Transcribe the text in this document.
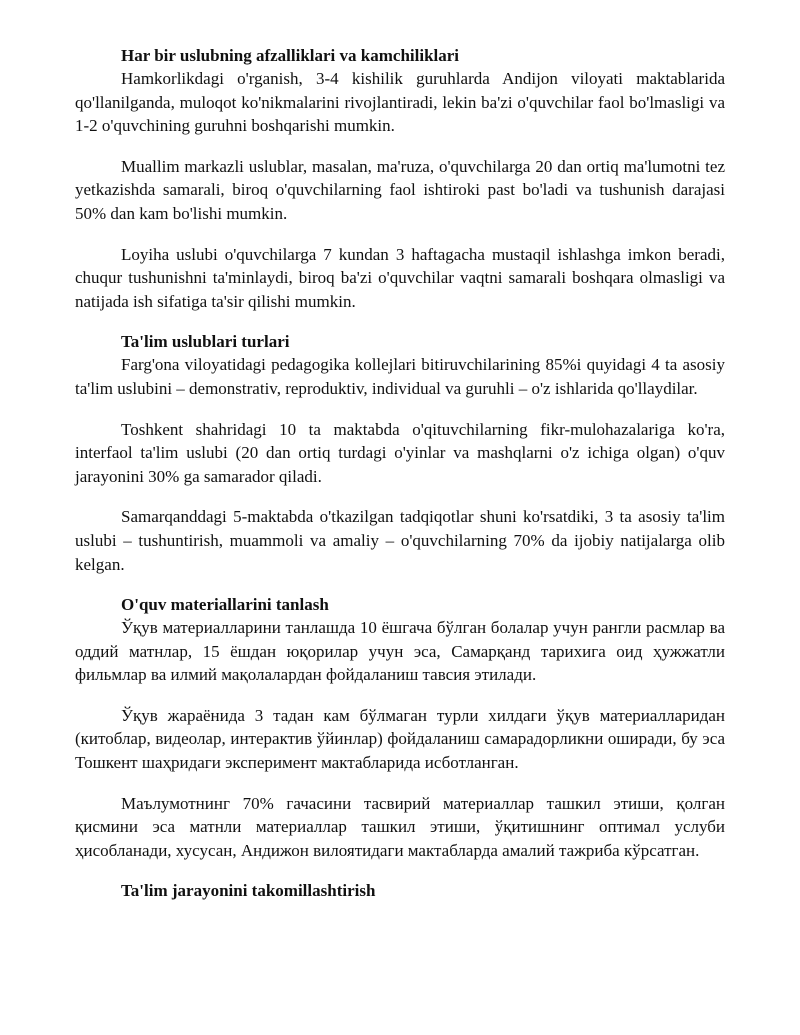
Har bir uslubning afzalliklari va kamchiliklari

Hamkorlikdagi o'rganish, 3-4 kishilik guruhlarda Andijon viloyati maktablarida qo'llanilganda, muloqot ko'nikmalarini rivojlantiradi, lekin ba'zi o'quvchilar faol bo'lmasligi va 1-2 o'quvchining guruhni boshqarishi mumkin.

Muallim markazli uslublar, masalan, ma'ruza, o'quvchilarga 20 dan ortiq ma'lumotni tez yetkazishda samarali, biroq o'quvchilarning faol ishtiroki past bo'ladi va tushunish darajasi 50% dan kam bo'lishi mumkin.

Loyiha uslubi o'quvchilarga 7 kundan 3 haftagacha mustaqil ishlashga imkon beradi, chuqur tushunishni ta'minlaydi, biroq ba'zi o'quvchilar vaqtni samarali boshqara olmasligi va natijada ish sifatiga ta'sir qilishi mumkin.

Ta'lim uslublari turlari

Farg'ona viloyatidagi pedagogika kollejlari bitiruvchilarining 85%i quyidagi 4 ta asosiy ta'lim uslubini – demonstrativ, reproduktiv, individual va guruhli – o'z ishlarida qo'llaydilar.

Toshkent shahridagi 10 ta maktabda o'qituvchilarning fikr-mulohazalariga ko'ra, interfaol ta'lim uslubi (20 dan ortiq turdagi o'yinlar va mashqlarni o'z ichiga olgan) o'quv jarayonini 30% ga samarador qiladi.

Samarqanddagi 5-maktabda o'tkazilgan tadqiqotlar shuni ko'rsatdiki, 3 ta asosiy ta'lim uslubi – tushuntirish, muammoli va amaliy – o'quvchilarning 70% da ijobiy natijalarga olib kelgan.

O'quv materiallarini tanlash

Ўқув материалларини танлашда 10 ёшгача бўлган болалар учун рангли расмлар ва оддий матнлар, 15 ёшдан юқорилар учун эса, Самарқанд тарихига оид ҳужжатли фильмлар ва илмий мақолалардан фойдаланиш тавсия этилади.

Ўқув жараёнида 3 тадан кам бўлмаган турли хилдаги ўқув материалларидан (китоблар, видеолар, интерактив ўйинлар) фойдаланиш самарадорликни оширади, бу эса Тошкент шаҳридаги эксперимент мактабларида исботланган.

Маълумотнинг 70% гачасини тасвирий материаллар ташкил этиши, қолган қисмини эса матнли материаллар ташкил этиши, ўқитишнинг оптимал услуби ҳисобланади, хусусан, Андижон вилоятидаги мактабларда амалий тажриба кўрсатган.

Ta'lim jarayonini takomillashtirish
